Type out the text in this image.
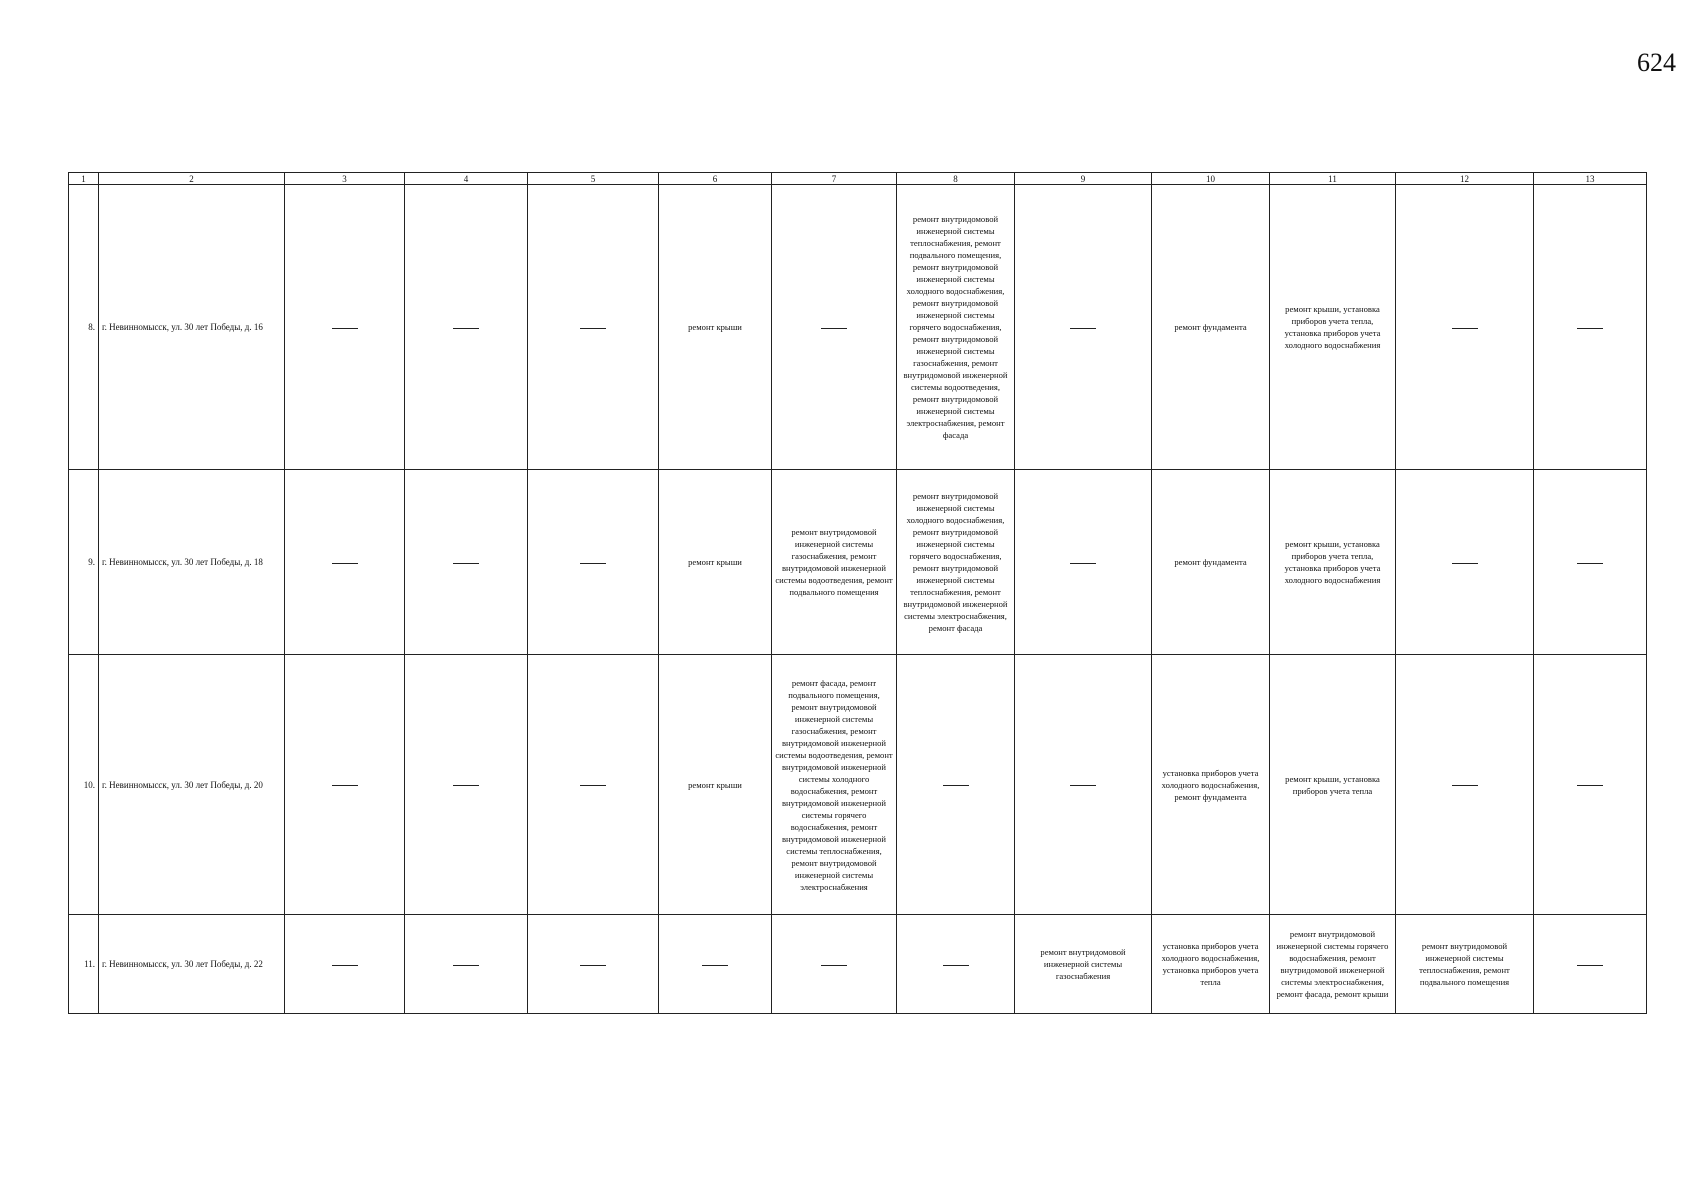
624
1	2	3	4	5	6	7	8	9	10	11	12	13
8.	г. Невинномысск, ул. 30 лет Победы, д. 16				ремонт крыши		ремонт внутридомовой инженерной системы теплоснабжения, ремонт подвального помещения, ремонт внутридомовой инженерной системы холодного водоснабжения, ремонт внутридомовой инженерной системы горячего водоснабжения, ремонт внутридомовой инженерной системы газоснабжения, ремонт внутридомовой инженерной системы водоотведения, ремонт внутридомовой инженерной системы электроснабжения, ремонт фасада		ремонт фундамента	ремонт крыши, установка приборов учета тепла, установка приборов учета холодного водоснабжения		

9.	г. Невинномысск, ул. 30 лет Победы, д. 18				ремонт крыши	ремонт внутридомовой инженерной системы газоснабжения, ремонт внутридомовой инженерной системы водоотведения, ремонт подвального помещения	ремонт внутридомовой инженерной системы холодного водоснабжения, ремонт внутридомовой инженерной системы горячего водоснабжения, ремонт внутридомовой инженерной системы теплоснабжения, ремонт внутридомовой инженерной системы электроснабжения, ремонт фасада		ремонт фундамента	ремонт крыши, установка приборов учета тепла, установка приборов учета холодного водоснабжения		

10.	г. Невинномысск, ул. 30 лет Победы, д. 20				ремонт крыши	ремонт фасада, ремонт подвального помещения, ремонт внутридомовой инженерной системы газоснабжения, ремонт внутридомовой инженерной системы водоотведения, ремонт внутридомовой инженерной системы холодного водоснабжения, ремонт внутридомовой инженерной системы горячего водоснабжения, ремонт внутридомовой инженерной системы теплоснабжения, ремонт внутридомовой инженерной системы электроснабжения			установка приборов учета холодного водоснабжения, ремонт фундамента	ремонт крыши, установка приборов учета тепла		

11.	г. Невинномысск, ул. 30 лет Победы, д. 22							ремонт внутридомовой инженерной системы газоснабжения	установка приборов учета холодного водоснабжения, установка приборов учета тепла	ремонт внутридомовой инженерной системы горячего водоснабжения, ремонт внутридомовой инженерной системы электроснабжения, ремонт фасада, ремонт крыши	ремонт внутридомовой инженерной системы теплоснабжения, ремонт подвального помещения	
